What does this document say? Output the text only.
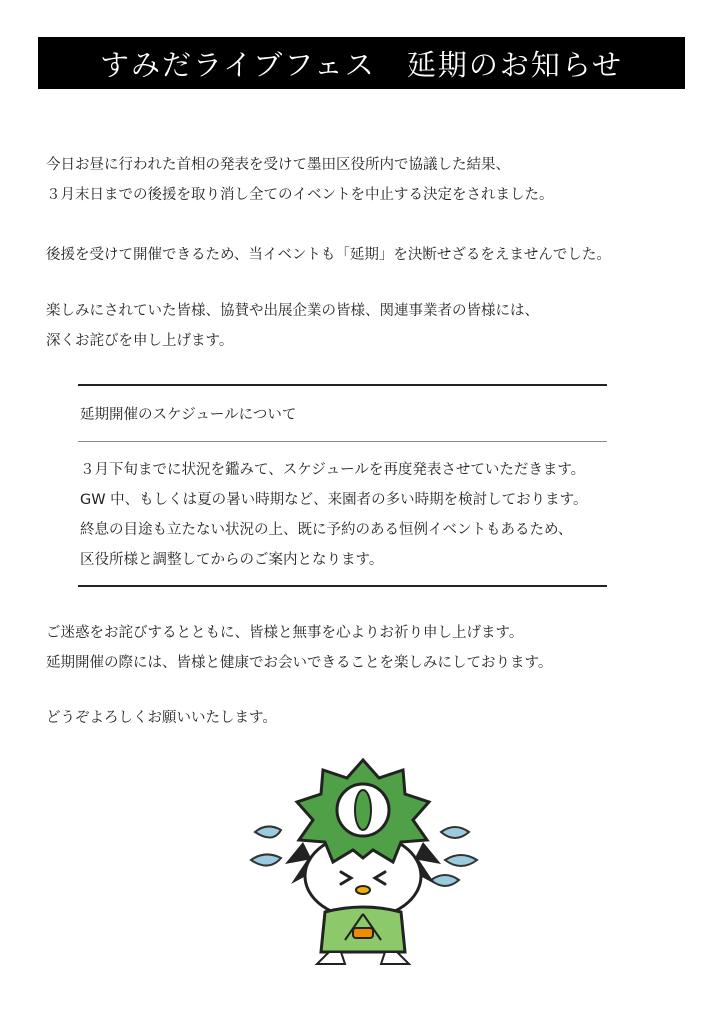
すみだライブフェス　延期のお知らせ
今日お昼に行われた首相の発表を受けて墨田区役所内で協議した結果、
３月末日までの後援を取り消し全てのイベントを中止する決定をされました。
後援を受けて開催できるため、当イベントも「延期」を決断せざるをえませんでした。
楽しみにされていた皆様、協賛や出展企業の皆様、関連事業者の皆様には、
深くお詫びを申し上げます。
延期開催のスケジュールについて
３月下旬までに状況を鑑みて、スケジュールを再度発表させていただきます。
GW 中、もしくは夏の暑い時期など、来園者の多い時期を検討しております。
終息の目途も立たない状況の上、既に予約のある恒例イベントもあるため、
区役所様と調整してからのご案内となります。
ご迷惑をお詫びするとともに、皆様と無事を心よりお祈り申し上げます。
延期開催の際には、皆様と健康でお会いできることを楽しみにしております。
どうぞよろしくお願いいたします。
